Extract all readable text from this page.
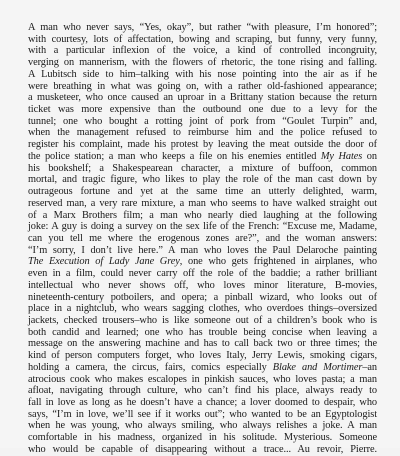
A man who never says, “Yes, okay”, but rather “with pleasure, I’m honored”;
with courtesy, lots of affectation, bowing and scraping, but funny, very funny,
with a particular inflexion of the voice, a kind of controlled incongruity,
verging on mannerism, with the flowers of rhetoric, the tone rising and falling.
A Lubitsch side to him–talking with his nose pointing into the air as if he
were breathing in what was going on, with a rather old-fashioned appearance;
a musketeer, who once caused an uproar in a Brittany station because the return
ticket was more expensive than the outbound one due to a levy for the
tunnel; one who bought a rotting joint of pork from “Goulet Turpin” and,
when the management refused to reimburse him and the police refused to
register his complaint, made his protest by leaving the meat outside the door of
the police station; a man who keeps a file on his enemies entitled My Hates on
his bookshelf; a Shakespearean character, a mixture of buffoon, common
mortal, and tragic figure, who likes to play the role of the man cast down by
outrageous fortune and yet at the same time an utterly delighted, warm,
reserved man, a very rare mixture, a man who seems to have walked straight out
of a Marx Brothers film; a man who nearly died laughing at the following
joke: A guy is doing a survey on the sex life of the French: “Excuse me, Madame,
can you tell me where the erogenous zones are?”, and the woman answers:
“I’m sorry, I don’t live here.” A man who loves the Paul Delaroche painting
The Execution of Lady Jane Grey, one who gets frightened in airplanes, who
even in a film, could never carry off the role of the baddie; a rather brilliant
intellectual who never shows off, who loves minor literature, B-movies,
nineteenth-century potboilers, and opera; a pinball wizard, who looks out of
place in a nightclub, who wears sagging clothes, who overdoes things–oversized
jackets, checked trousers–who is like someone out of a children’s book who is
both candid and learned; one who has trouble being concise when leaving a
message on the answering machine and has to call back two or three times; the
kind of person computers forget, who loves Italy, Jerry Lewis, smoking cigars,
holding a camera, the circus, fairs, comics especially Blake and Mortimer–an
atrocious cook who makes escalopes in pinkish sauces, who loves pasta; a man
afloat, navigating through culture, who can’t find his place, always ready to
fall in love as long as he doesn’t have a chance; a lover doomed to despair, who
says, “I’m in love, we’ll see if it works out”; who wanted to be an Egyptologist
when he was young, who always smiling, who always relishes a joke. A man
comfortable in his madness, organized in his solitude. Mysterious. Someone
who would be capable of disappearing without a trace... Au revoir, Pierre.
